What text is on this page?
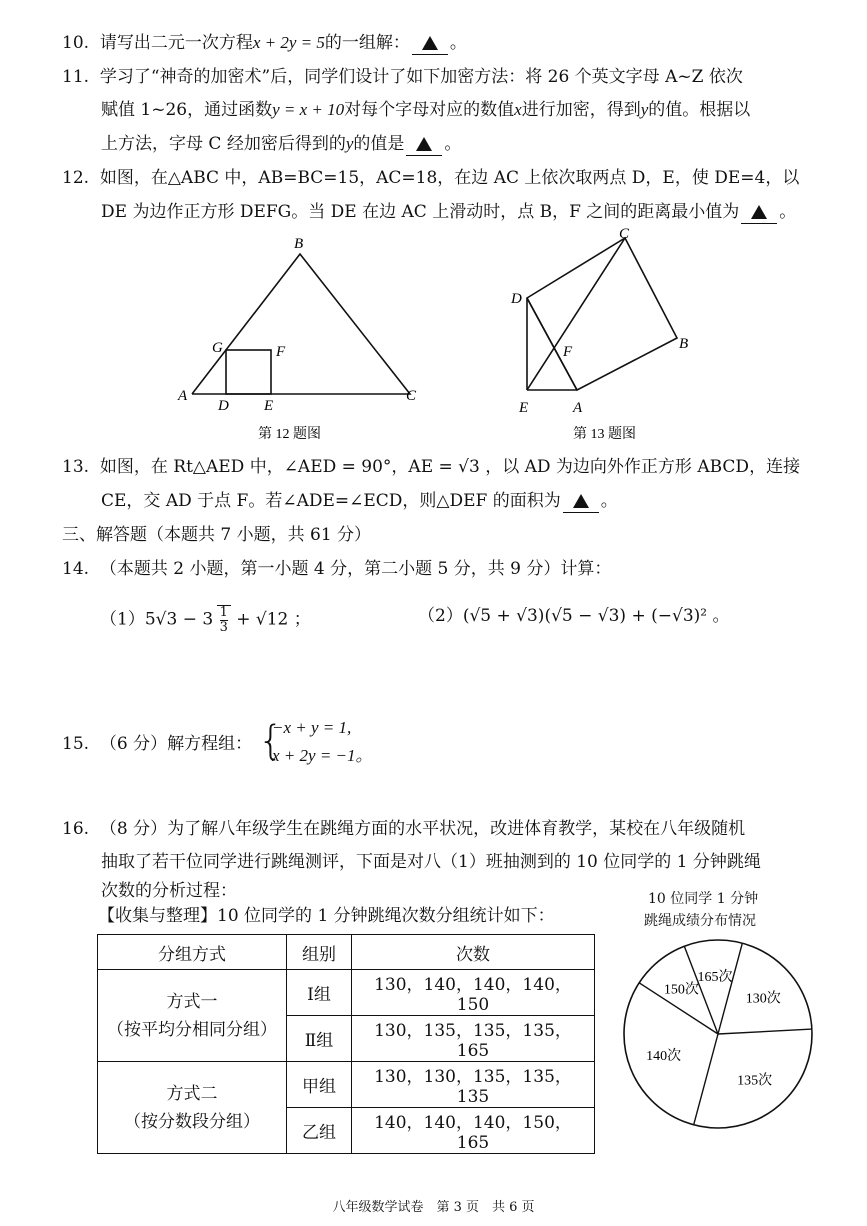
10. 请写出二元一次方程x + 2y = 5的一组解： 。
11. 学习了“神奇的加密术”后，同学们设计了如下加密方法：将 26 个英文字母 A~Z 依次
赋值 1~26，通过函数y = x + 10对每个字母对应的数值x进行加密，得到y的值。根据以
上方法，字母 C 经加密后得到的y的值是 。
12. 如图，在△ABC 中，AB=BC=15，AC=18，在边 AC 上依次取两点 D，E，使 DE=4，以
DE 为边作正方形 DEFG。当 DE 在边 AC 上滑动时，点 B，F 之间的距离最小值为 。
B
A	C
D E
F
G
第 12 题图
C
D
B
F
E	A
第 13 题图
13. 如图，在 Rt△AED 中，∠AED = 90°，AE = √3 ，以 AD 为边向外作正方形 ABCD，连接
CE，交 AD 于点 F。若∠ADE=∠ECD，则△DEF 的面积为 。
三、解答题（本题共 7 小题，共 61 分）
14. （本题共 2 小题，第一小题 4 分，第二小题 5 分，共 9 分）计算：
（1）5√3 − 3 1

3 + √12 ；	（2）(√5 + √3)(√5 − √3) + (−√3)² 。
15. （6 分）解方程组： {
−x + y = 1,
x + 2y = −1。
16. （8 分）为了解八年级学生在跳绳方面的水平状况，改进体育教学，某校在八年级随机
抽取了若干位同学进行跳绳测评，下面是对八（1）班抽测到的 10 位同学的 1 分钟跳绳
次数的分析过程：
【收集与整理】10 位同学的 1 分钟跳绳次数分组统计如下：
分组方式	组别	次数
方式一
（按平均分相同分组）	Ⅰ组	130，140，140，140，150
	Ⅱ组	130，135，135，135，165
方式二
（按分数段分组）	甲组	130，130，135，135，135
	乙组	140，140，140，150，165
10 位同学 1 分钟
跳绳成绩分布情况
130次
135次
140次
150次
165次
八年级数学试卷　第 3 页　共 6 页
